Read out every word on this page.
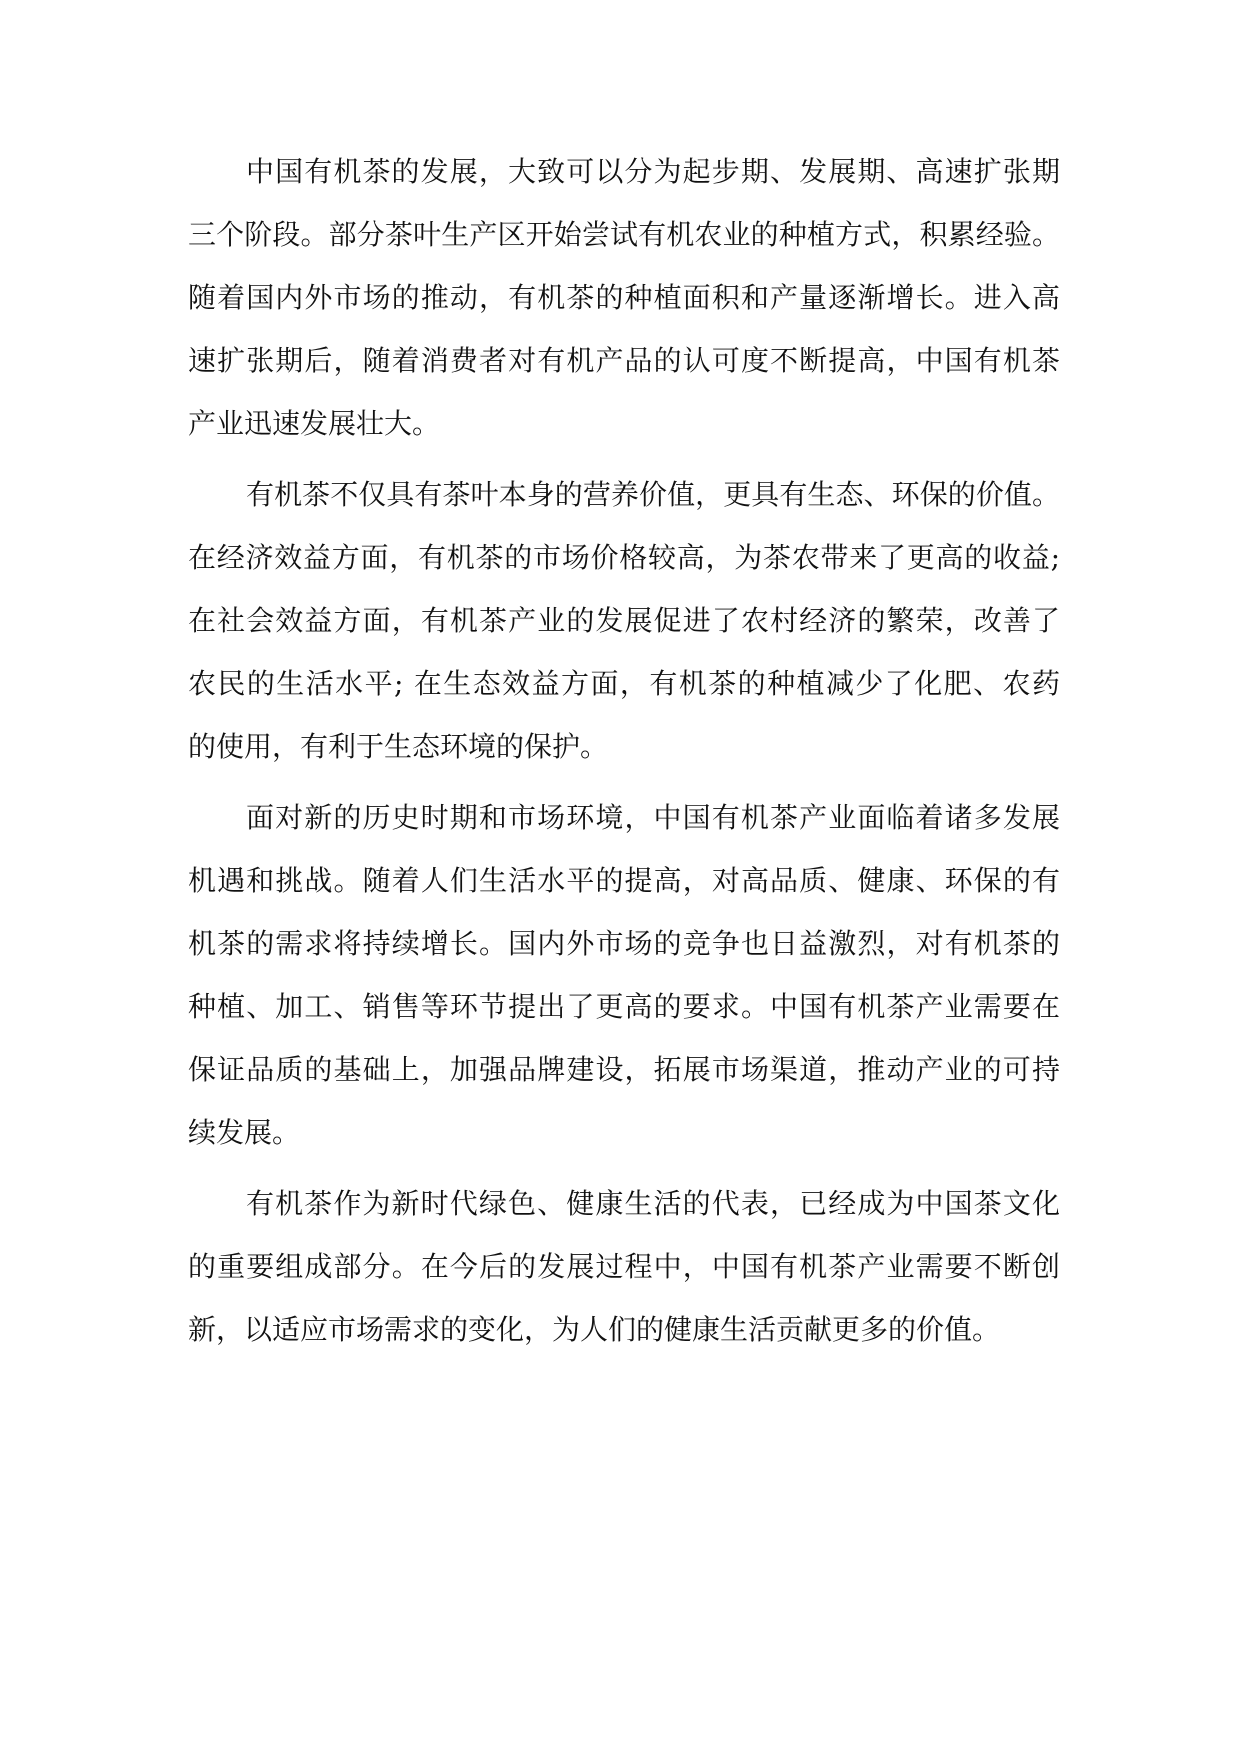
中国有机茶的发展，大致可以分为起步期、发展期、高速扩张期
三个阶段。部分茶叶生产区开始尝试有机农业的种植方式，积累经验。
随着国内外市场的推动，有机茶的种植面积和产量逐渐增长。进入高
速扩张期后，随着消费者对有机产品的认可度不断提高，中国有机茶
产业迅速发展壮大。
有机茶不仅具有茶叶本身的营养价值，更具有生态、环保的价值。
在经济效益方面，有机茶的市场价格较高，为茶农带来了更高的收益;
在社会效益方面，有机茶产业的发展促进了农村经济的繁荣，改善了
农民的生活水平; 在生态效益方面，有机茶的种植减少了化肥、农药
的使用，有利于生态环境的保护。
面对新的历史时期和市场环境，中国有机茶产业面临着诸多发展
机遇和挑战。随着人们生活水平的提高，对高品质、健康、环保的有
机茶的需求将持续增长。国内外市场的竞争也日益激烈，对有机茶的
种植、加工、销售等环节提出了更高的要求。中国有机茶产业需要在
保证品质的基础上，加强品牌建设，拓展市场渠道，推动产业的可持
续发展。
有机茶作为新时代绿色、健康生活的代表，已经成为中国茶文化
的重要组成部分。在今后的发展过程中，中国有机茶产业需要不断创
新，以适应市场需求的变化，为人们的健康生活贡献更多的价值。
